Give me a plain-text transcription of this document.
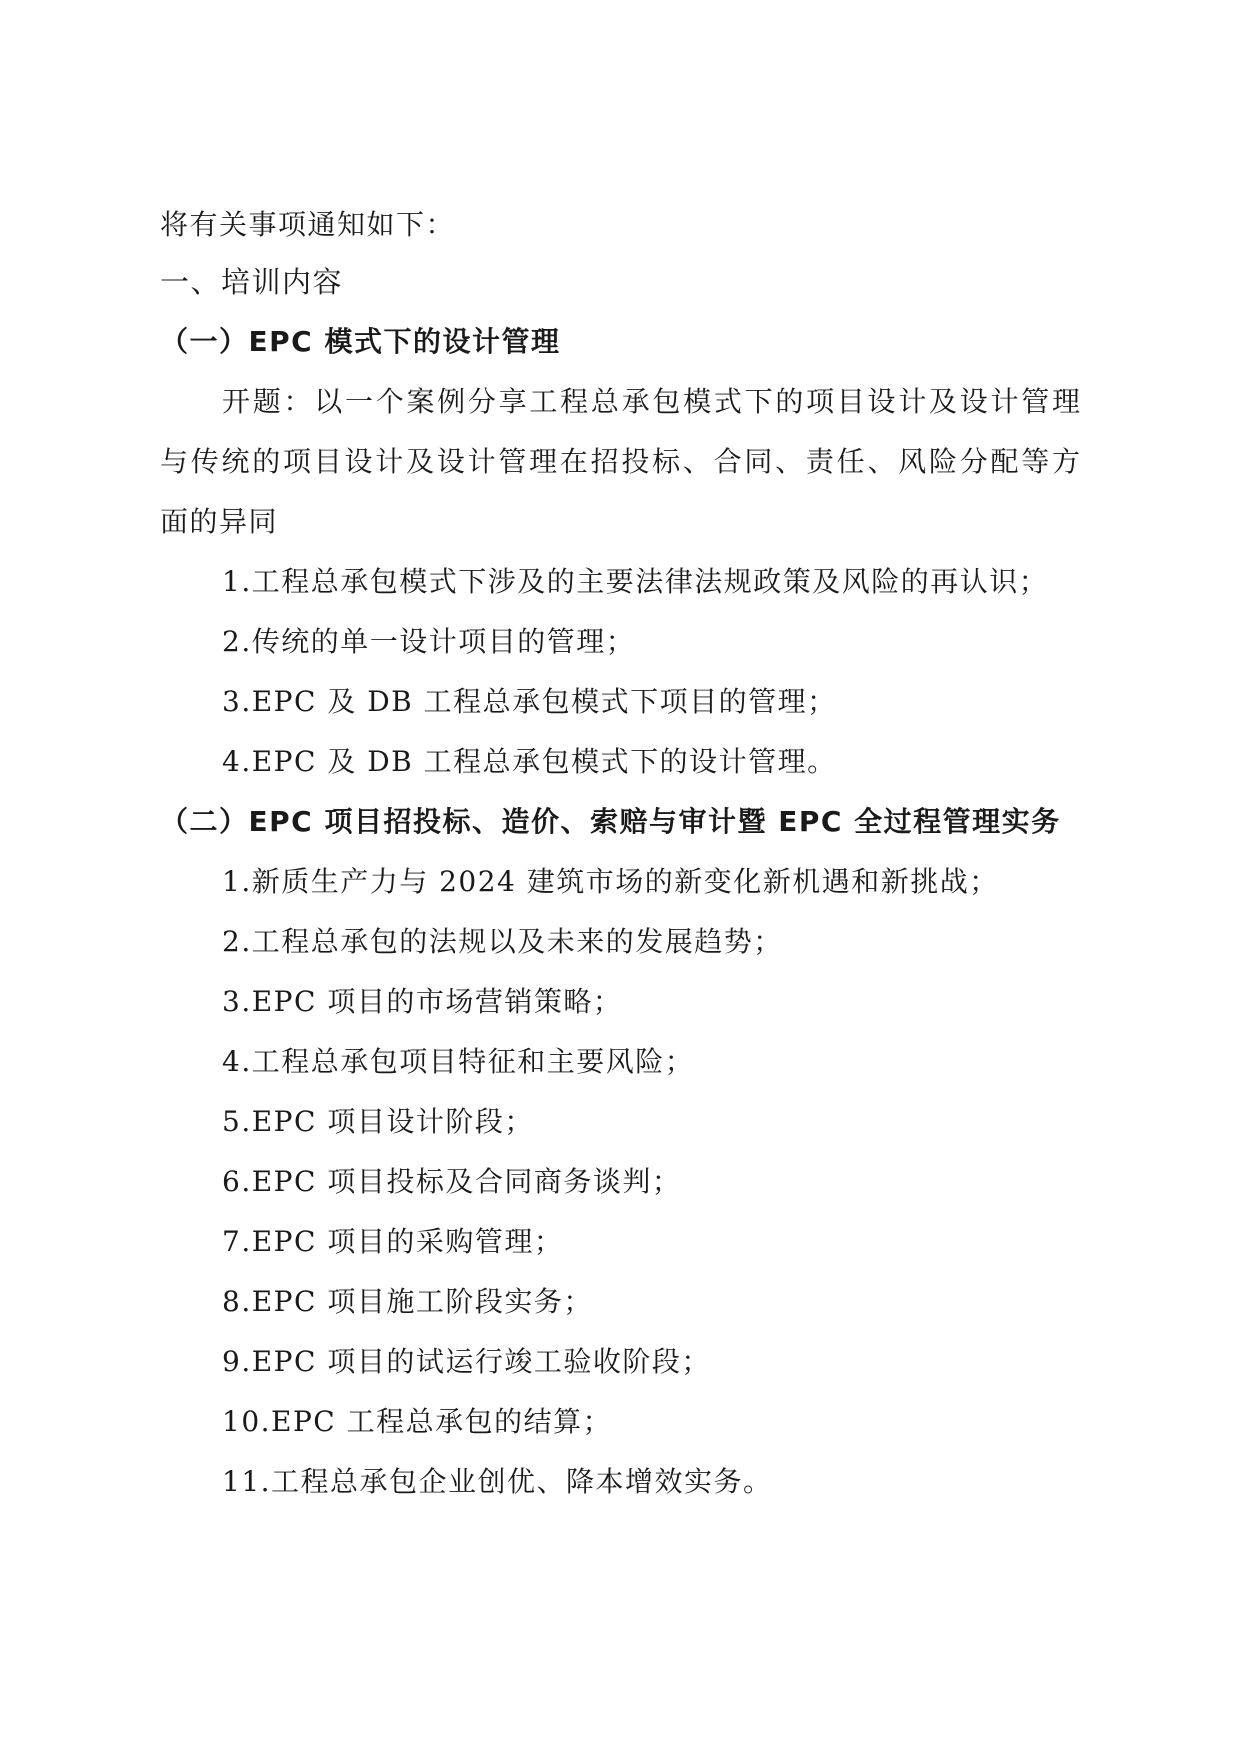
将有关事项通知如下：
一、培训内容
（一）EPC 模式下的设计管理
开题：以一个案例分享工程总承包模式下的项目设计及设计管理
与传统的项目设计及设计管理在招投标、合同、责任、风险分配等方
面的异同
1.工程总承包模式下涉及的主要法律法规政策及风险的再认识；
2.传统的单一设计项目的管理；
3.EPC 及 DB 工程总承包模式下项目的管理；
4.EPC 及 DB 工程总承包模式下的设计管理。
（二）EPC 项目招投标、造价、索赔与审计暨 EPC 全过程管理实务
1.新质生产力与 2024 建筑市场的新变化新机遇和新挑战；
2.工程总承包的法规以及未来的发展趋势；
3.EPC 项目的市场营销策略；
4.工程总承包项目特征和主要风险；
5.EPC 项目设计阶段；
6.EPC 项目投标及合同商务谈判；
7.EPC 项目的采购管理；
8.EPC 项目施工阶段实务；
9.EPC 项目的试运行竣工验收阶段；
10.EPC 工程总承包的结算；
11.工程总承包企业创优、降本增效实务。
